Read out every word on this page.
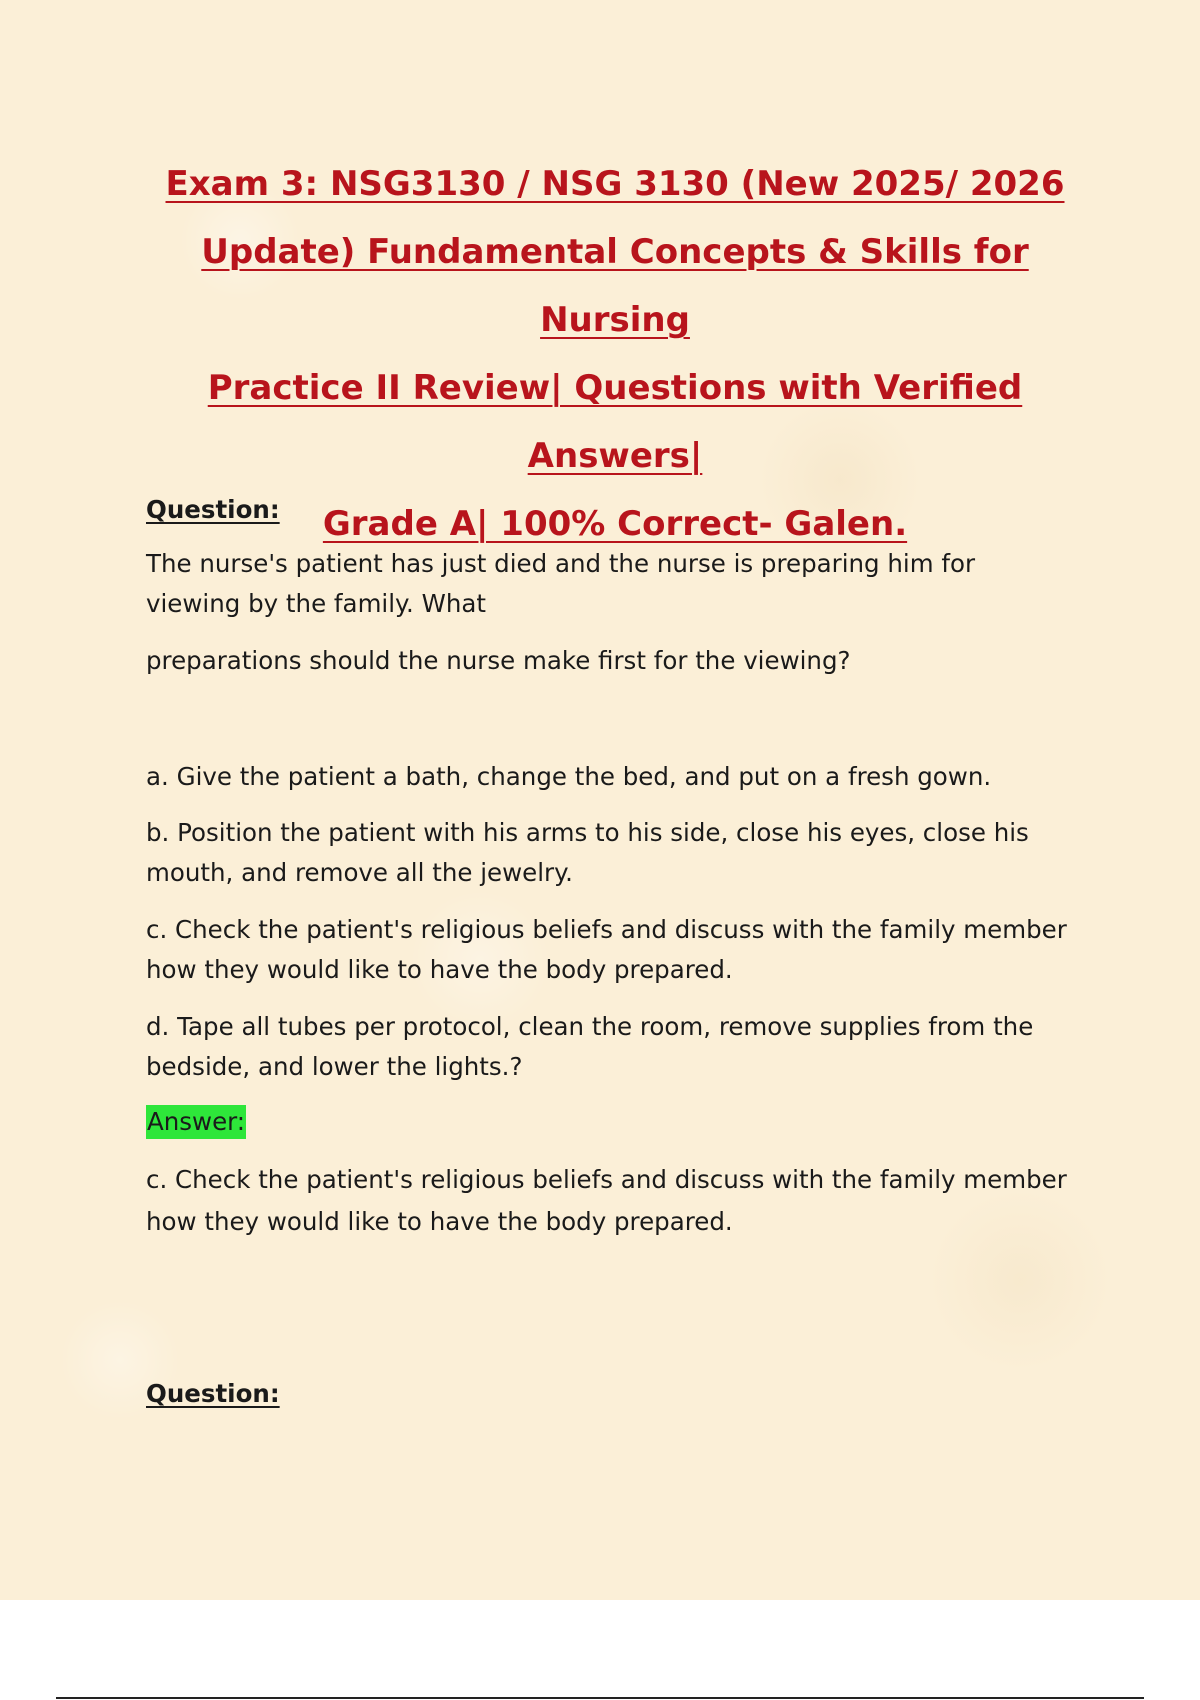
Exam 3: NSG3130 / NSG 3130 (New 2025/ 2026
Update) Fundamental Concepts & Skills for Nursing
Practice II Review| Questions with Verified Answers|
Grade A| 100% Correct- Galen.

Question:

The nurse's patient has just died and the nurse is preparing him for

viewing by the family. What

preparations should the nurse make first for the viewing?

a. Give the patient a bath, change the bed, and put on a fresh gown.

b. Position the patient with his arms to his side, close his eyes, close his

mouth, and remove all the jewelry.

c. Check the patient's religious beliefs and discuss with the family member

how they would like to have the body prepared.

d. Tape all tubes per protocol, clean the room, remove supplies from the

bedside, and lower the lights.?

Answer:

c. Check the patient's religious beliefs and discuss with the family member

how they would like to have the body prepared.

Question:
